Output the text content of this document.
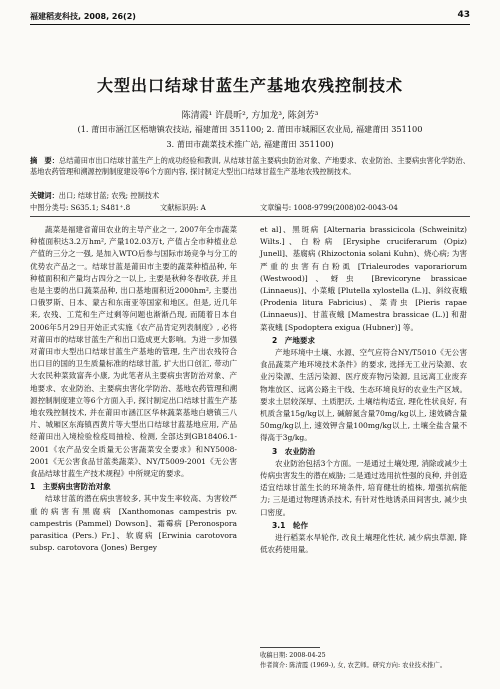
福建稻麦科技, 2008, 26(2)	43
大型出口结球甘蓝生产基地农残控制技术
陈清霞¹ 许晨昕², 方加龙³, 陈剑芳³
(1. 莆田市涵江区梧塘镇农技站, 福建莆田 351100; 2. 莆田市城厢区农业局, 福建莆田 351100
3. 莆田市蔬菜技术推广站, 福建莆田 351100)
摘　要：总结莆田市出口结球甘蓝生产上的成功经验和教训, 从结球甘蓝主要病虫防治对象、产地要求、农业防治、主要病虫害化学防治、基地农药管理和溯源控制制度建设等6个方面内容, 探讨制定大型出口结球甘蓝生产基地农残控制技术。
关键词：出口; 结球甘蓝; 农残; 控制技术
中图分类号: S635.1; S481⁺.8	文献标识码: A	文章编号: 1008-9799(2008)02-0043-04

蔬菜是福建省莆田农业的主导产业之一, 2007年全市蔬菜种植面积达3.2万hm², 产量102.03万t, 产值占全市种植业总产值的三分之一强, 是加入WTO后参与国际市场竞争与分工的优势农产品之一。结球甘蓝是莆田市主要的蔬菜种植品种, 年种植面积和产量均占四分之一以上, 主要是秋种冬春收获, 并且也是主要的出口蔬菜品种, 出口基地面积近2000hm², 主要出口俄罗斯、日本、蒙古和东南亚等国家和地区。但是, 近几年来, 农残、工荒和生产过剩等问题也渐渐凸现, 而随着日本自2006年5月29日开始正式实施《农产品肯定列表制度》, 必将对莆田市的结球甘蓝生产和出口造成更大影响。为进一步加强对莆田市大型出口结球甘蓝生产基地的管理, 生产出农残符合出口目的国的卫生质量标准的结球甘蓝, 扩大出口创汇, 带动广大农民种菜致富奔小康, 为此笔者从主要病虫害防治对象、产地要求、农业防治、主要病虫害化学防治、基地农药管理和溯源控制制度建立等6个方面入手, 探讨制定出口结球甘蓝生产基地农残控制技术, 并在莆田市涵江区华林蔬菜基地白塘镇三八片、城厢区东海镇西黄片等大型出口结球甘蓝基地应用, 产品经莆田出入境检验检疫局抽检、检测, 全部达到GB18406.1-2001《农产品安全质量无公害蔬菜安全要求》和NY5008-2001《无公害食品甘蓝类蔬菜》、NY/T5009-2001《无公害食品结球甘蓝生产技术规程》中所规定的要求。

1　主要病虫害防治对象

结球甘蓝的潜在病虫害较多, 其中发生率较高、为害较严重的病害有黑腐病 [Xanthomonas campestris pv. campestris (Pammel) Dowson]、霜霉病 [Peronospora parasitica (Pers.) Fr.]、软腐病 [Erwinia carotovora subsp. carotovora (Jones) Bergey

et al]、黑斑病 [Alternaria brassicicola (Schweinitz) Wilts.]、白粉病 [Erysiphe cruciferarum (Opiz) Junell]、基腐病 (Rhizoctonia solani Kuhn)、烧心病; 为害严重的虫害有白粉虱 [Trialeurodes vaporariorum (Westwood)]、蚜虫 [Brevicoryne brassicae (Linnaeus)]、小菜蛾 [Plutella xylostella (L.)]、斜纹夜蛾 (Prodenia litura Fabricius)、菜青虫 [Pieris rapae (Linnaeus)]、甘蓝夜蛾 [Mamestra brassicae (L.)] 和甜菜夜蛾 [Spodoptera exigua (Hubner)] 等。

2　产地要求

产地环境中土壤、水源、空气应符合NY/T5010《无公害食品蔬菜产地环境技术条件》的要求, 选择无工业污染源、农业污染源、生活污染源、医疗废弃物污染源, 且远离工业废弃物堆放区、远离公路主干线、生态环境良好的农业生产区域。要求土层较深厚、土质肥沃, 土壤结构适宜, 理化性状良好, 有机质含量15g/kg以上, 碱解氮含量70mg/kg以上, 速效磷含量50mg/kg以上, 速效钾含量100mg/kg以上, 土壤全盐含量不得高于3g/kg。

3　农业防治

农业防治包括3个方面。一是通过土壤处理, 消除或减少土传病虫害发生的潜在威胁; 二是通过选用抗性强的良种, 并创造适宜结球甘蓝生长的环境条件, 培育健壮的植株, 增强抗病能力; 三是通过物理诱杀技术, 有针对性地诱杀田间害虫, 减少虫口密度。

3.1　轮作

进行稻菜水旱轮作, 改良土壤理化性状, 减少病虫草源, 降低农药使用量。

收稿日期: 2008-04-25
作者简介: 陈清霞 (1969-), 女, 农艺师。研究方向: 农业技术推广。
